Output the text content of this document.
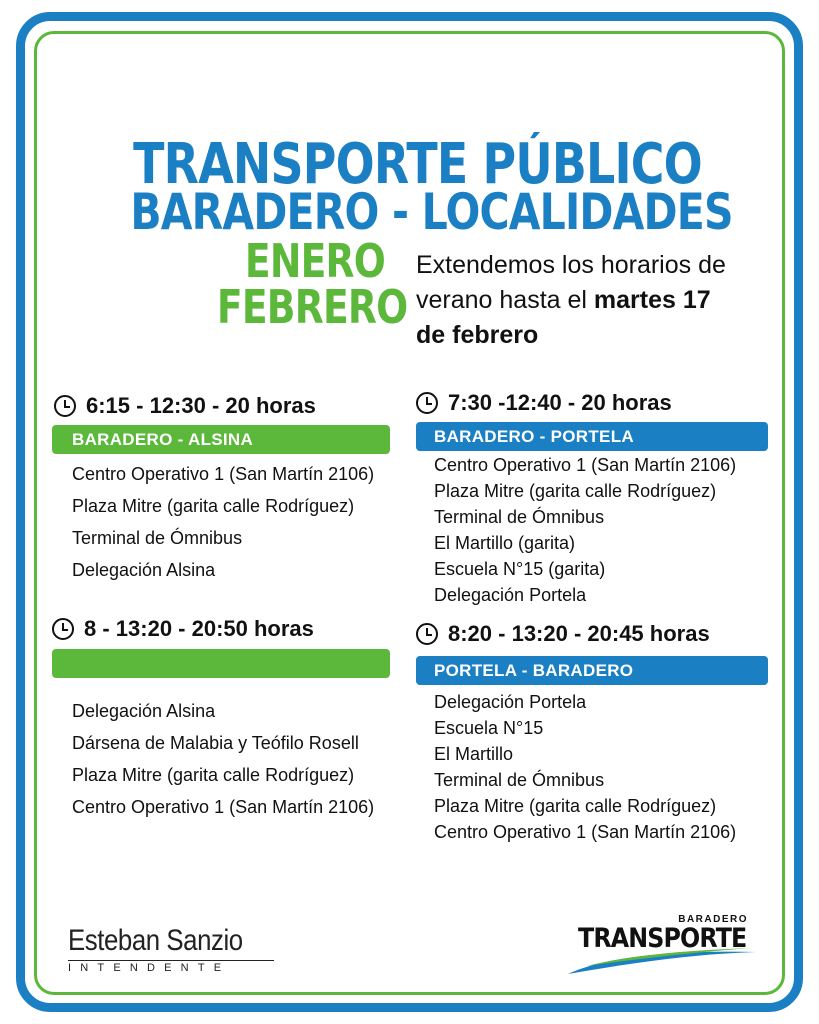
TRANSPORTE PÚBLICO
BARADERO - LOCALIDADES
ENERO
FEBRERO

Extendemos los horarios de verano hasta el martes 17 de febrero

6:15 - 12:30 - 20 horas
BARADERO - ALSINA
Centro Operativo 1 (San Martín 2106)
Plaza Mitre (garita calle Rodríguez)
Terminal de Ómnibus
Delegación Alsina
8 - 13:20 - 20:50 horas
Delegación Alsina
Dársena de Malabia y Teófilo Rosell
Plaza Mitre (garita calle Rodríguez)
Centro Operativo 1 (San Martín 2106)
7:30 -12:40 - 20 horas
BARADERO - PORTELA
Centro Operativo 1 (San Martín 2106)
Plaza Mitre (garita calle Rodríguez)
Terminal de Ómnibus
El Martillo (garita)
Escuela N°15 (garita)
Delegación Portela
8:20 - 13:20 - 20:45 horas
PORTELA - BARADERO
Delegación Portela
Escuela N°15
El Martillo
Terminal de Ómnibus
Plaza Mitre (garita calle Rodríguez)
Centro Operativo 1 (San Martín 2106)
Esteban Sanzio
INTENDENTE
BARADERO
TRANSPORTE
